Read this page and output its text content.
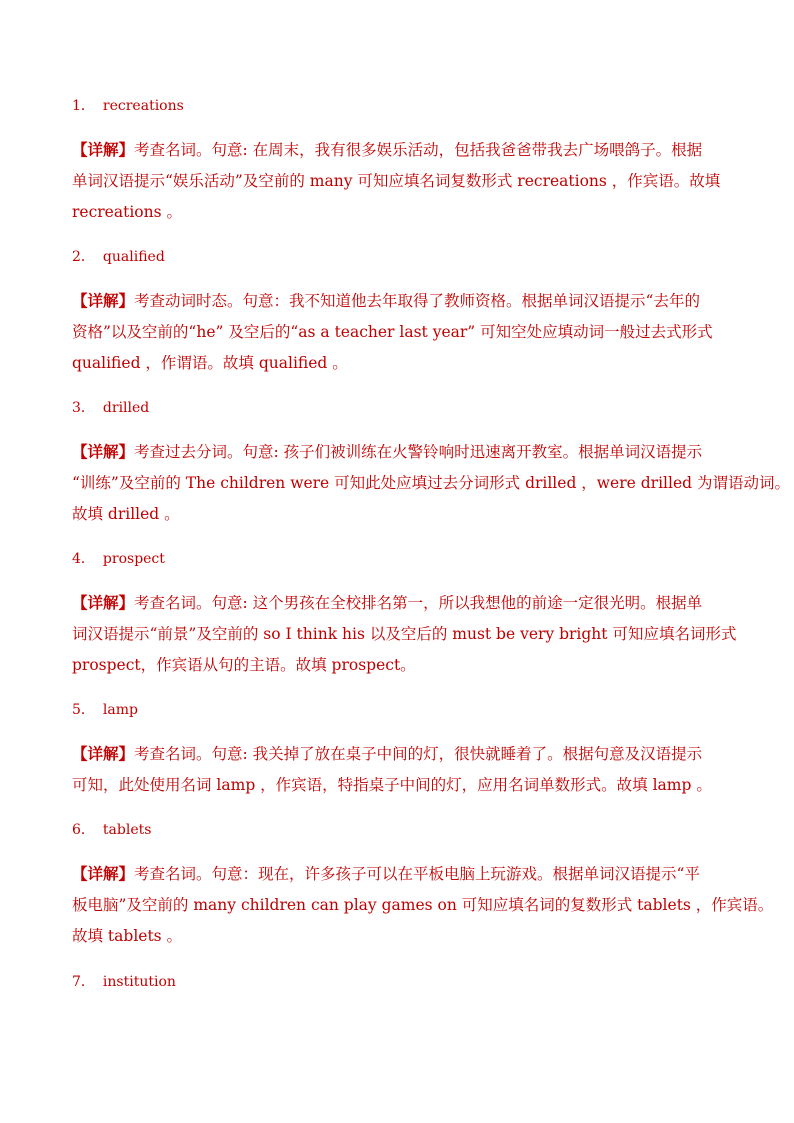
1． recreations
【详解】考查名词。句意: 在周末，我有很多娱乐活动，包括我爸爸带我去广场喂鸽子。根据
单词汉语提示“娱乐活动”及空前的 many 可知应填名词复数形式 recreations ，作宾语。故填
recreations 。
2． qualified
【详解】考查动词时态。句意：我不知道他去年取得了教师资格。根据单词汉语提示“去年的
资格”以及空前的“he” 及空后的“as a teacher last year” 可知空处应填动词一般过去式形式
qualified ，作谓语。故填 qualified 。
3． drilled
【详解】考查过去分词。句意: 孩子们被训练在火警铃响时迅速离开教室。根据单词汉语提示
“训练”及空前的 The children were 可知此处应填过去分词形式 drilled ，were drilled 为谓语动词。
故填 drilled 。
4． prospect
【详解】考查名词。句意: 这个男孩在全校排名第一，所以我想他的前途一定很光明。根据单
词汉语提示“前景”及空前的 so I think his 以及空后的 must be very bright 可知应填名词形式
prospect，作宾语从句的主语。故填 prospect。
5． lamp
【详解】考查名词。句意: 我关掉了放在桌子中间的灯，很快就睡着了。根据句意及汉语提示
可知，此处使用名词 lamp ，作宾语，特指桌子中间的灯，应用名词单数形式。故填 lamp 。
6． tablets
【详解】考查名词。句意：现在，许多孩子可以在平板电脑上玩游戏。根据单词汉语提示“平
板电脑”及空前的 many children can play games on 可知应填名词的复数形式 tablets ，作宾语。
故填 tablets 。
7． institution
